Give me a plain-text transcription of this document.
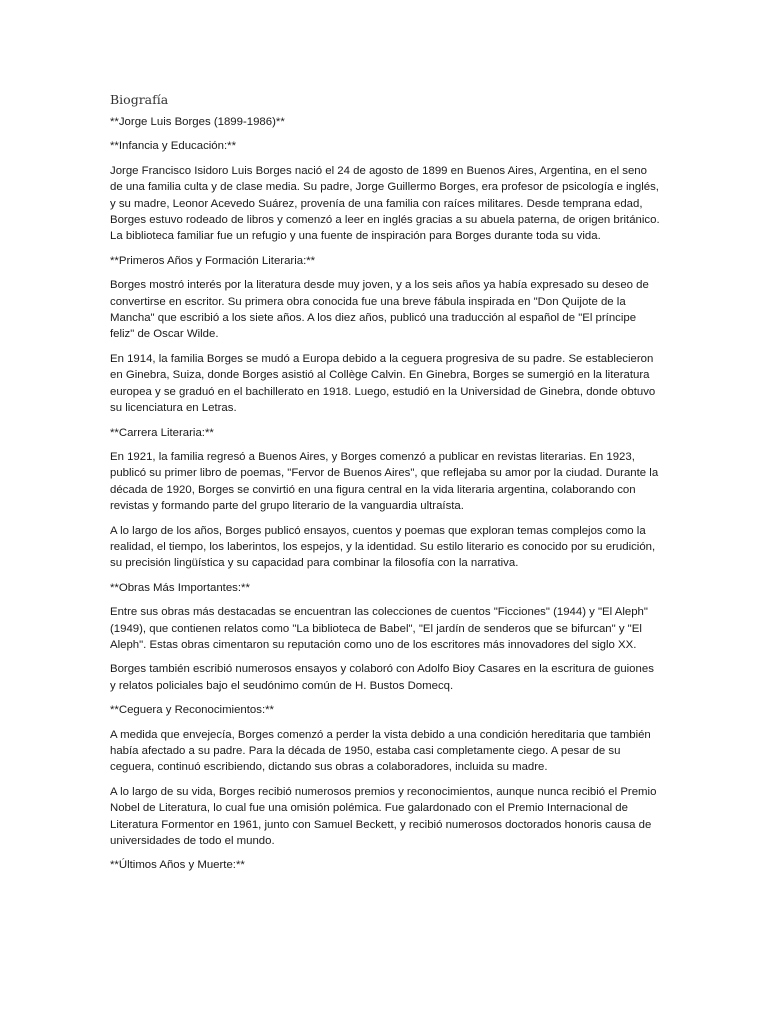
Biografía

**Jorge Luis Borges (1899-1986)**

**Infancia y Educación:**

Jorge Francisco Isidoro Luis Borges nació el 24 de agosto de 1899 en Buenos Aires, Argentina, en el seno de una familia culta y de clase media. Su padre, Jorge Guillermo Borges, era profesor de psicología e inglés, y su madre, Leonor Acevedo Suárez, provenía de una familia con raíces militares. Desde temprana edad, Borges estuvo rodeado de libros y comenzó a leer en inglés gracias a su abuela paterna, de origen británico. La biblioteca familiar fue un refugio y una fuente de inspiración para Borges durante toda su vida.

**Primeros Años y Formación Literaria:**

Borges mostró interés por la literatura desde muy joven, y a los seis años ya había expresado su deseo de convertirse en escritor. Su primera obra conocida fue una breve fábula inspirada en "Don Quijote de la Mancha" que escribió a los siete años. A los diez años, publicó una traducción al español de "El príncipe feliz" de Oscar Wilde.

En 1914, la familia Borges se mudó a Europa debido a la ceguera progresiva de su padre. Se establecieron en Ginebra, Suiza, donde Borges asistió al Collège Calvin. En Ginebra, Borges se sumergió en la literatura europea y se graduó en el bachillerato en 1918. Luego, estudió en la Universidad de Ginebra, donde obtuvo su licenciatura en Letras.

**Carrera Literaria:**

En 1921, la familia regresó a Buenos Aires, y Borges comenzó a publicar en revistas literarias. En 1923, publicó su primer libro de poemas, "Fervor de Buenos Aires", que reflejaba su amor por la ciudad. Durante la década de 1920, Borges se convirtió en una figura central en la vida literaria argentina, colaborando con revistas y formando parte del grupo literario de la vanguardia ultraísta.

A lo largo de los años, Borges publicó ensayos, cuentos y poemas que exploran temas complejos como la realidad, el tiempo, los laberintos, los espejos, y la identidad. Su estilo literario es conocido por su erudición, su precisión lingüística y su capacidad para combinar la filosofía con la narrativa.

**Obras Más Importantes:**

Entre sus obras más destacadas se encuentran las colecciones de cuentos "Ficciones" (1944) y "El Aleph" (1949), que contienen relatos como "La biblioteca de Babel", "El jardín de senderos que se bifurcan" y "El Aleph". Estas obras cimentaron su reputación como uno de los escritores más innovadores del siglo XX.

Borges también escribió numerosos ensayos y colaboró con Adolfo Bioy Casares en la escritura de guiones y relatos policiales bajo el seudónimo común de H. Bustos Domecq.

**Ceguera y Reconocimientos:**

A medida que envejecía, Borges comenzó a perder la vista debido a una condición hereditaria que también había afectado a su padre. Para la década de 1950, estaba casi completamente ciego. A pesar de su ceguera, continuó escribiendo, dictando sus obras a colaboradores, incluida su madre.

A lo largo de su vida, Borges recibió numerosos premios y reconocimientos, aunque nunca recibió el Premio Nobel de Literatura, lo cual fue una omisión polémica. Fue galardonado con el Premio Internacional de Literatura Formentor en 1961, junto con Samuel Beckett, y recibió numerosos doctorados honoris causa de universidades de todo el mundo.

**Últimos Años y Muerte:**
